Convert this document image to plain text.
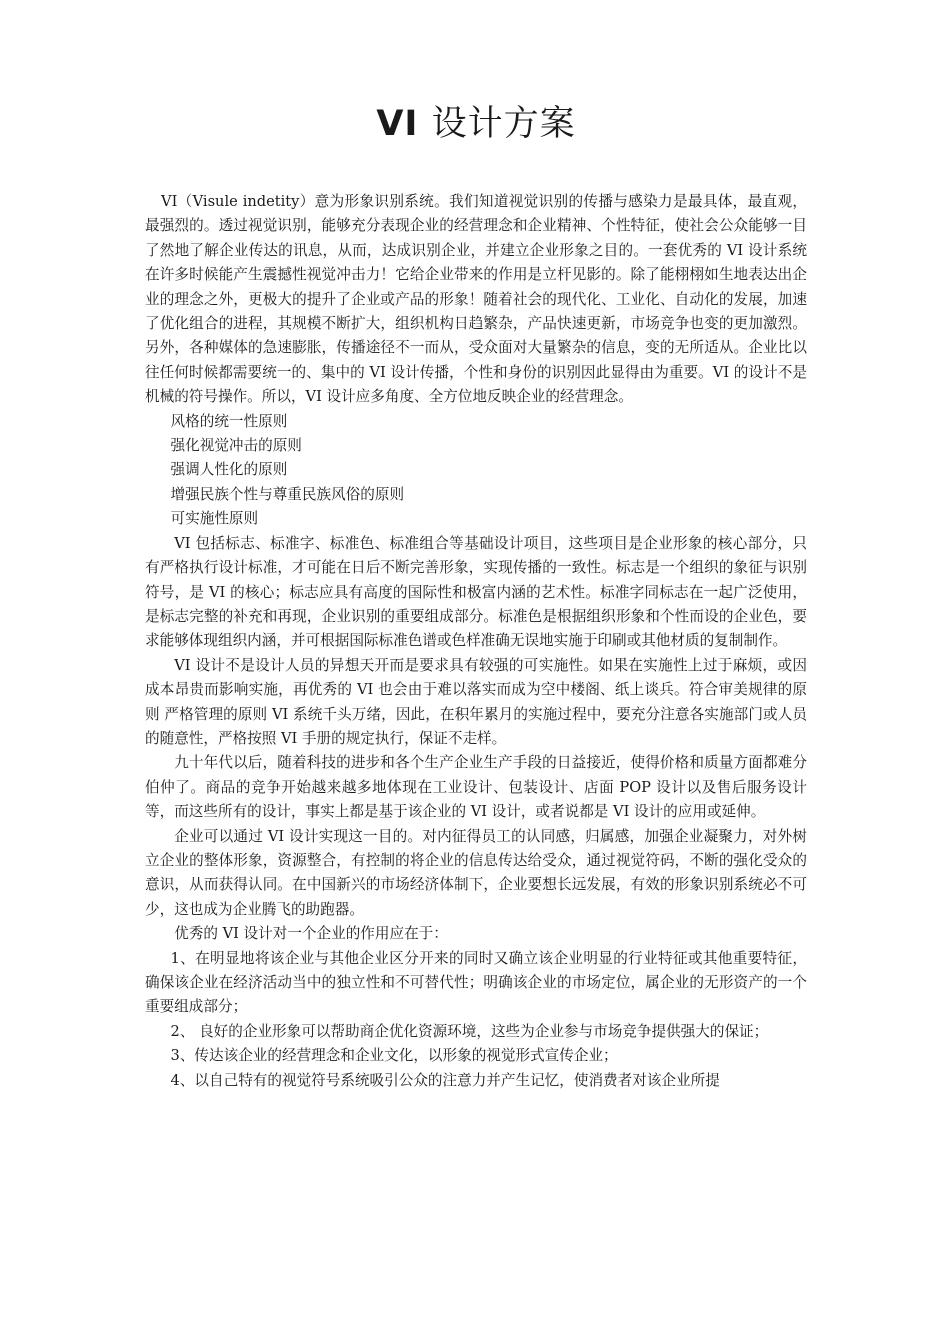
VI 设计方案

VI（Visule indetity）意为形象识别系统。我们知道视觉识别的传播与感染力是最具体，最直观，最强烈的。透过视觉识别，能够充分表现企业的经营理念和企业精神、个性特征，使社会公众能够一目了然地了解企业传达的讯息，从而，达成识别企业，并建立企业形象之目的。一套优秀的 VI 设计系统在许多时候能产生震撼性视觉冲击力！它给企业带来的作用是立杆见影的。除了能栩栩如生地表达出企业的理念之外，更极大的提升了企业或产品的形象！随着社会的现代化、工业化、自动化的发展，加速了优化组合的进程，其规模不断扩大，组织机构日趋繁杂，产品快速更新，市场竞争也变的更加激烈。另外，各种媒体的急速膨胀，传播途径不一而从，受众面对大量繁杂的信息，变的无所适从。企业比以往任何时候都需要统一的、集中的 VI 设计传播，个性和身份的识别因此显得由为重要。VI 的设计不是机械的符号操作。所以，VI 设计应多角度、全方位地反映企业的经营理念。

风格的统一性原则

强化视觉冲击的原则

强调人性化的原则

增强民族个性与尊重民族风俗的原则

可实施性原则

VI 包括标志、标准字、标准色、标准组合等基础设计项目，这些项目是企业形象的核心部分，只有严格执行设计标准，才可能在日后不断完善形象，实现传播的一致性。标志是一个组织的象征与识别符号，是 VI 的核心；标志应具有高度的国际性和极富内涵的艺术性。标准字同标志在一起广泛使用，是标志完整的补充和再现，企业识别的重要组成部分。标准色是根据组织形象和个性而设的企业色，要求能够体现组织内涵，并可根据国际标准色谱或色样准确无误地实施于印刷或其他材质的复制制作。

VI 设计不是设计人员的异想天开而是要求具有较强的可实施性。如果在实施性上过于麻烦，或因成本昂贵而影响实施，再优秀的 VI 也会由于难以落实而成为空中楼阁、纸上谈兵。符合审美规律的原则 严格管理的原则 VI 系统千头万绪，因此，在积年累月的实施过程中，要充分注意各实施部门或人员的随意性，严格按照 VI 手册的规定执行，保证不走样。

九十年代以后，随着科技的进步和各个生产企业生产手段的日益接近，使得价格和质量方面都难分伯仲了。商品的竞争开始越来越多地体现在工业设计、包装设计、店面 POP 设计以及售后服务设计等，而这些所有的设计，事实上都是基于该企业的 VI 设计，或者说都是 VI 设计的应用或延伸。

企业可以通过 VI 设计实现这一目的。对内征得员工的认同感，归属感，加强企业凝聚力，对外树立企业的整体形象，资源整合，有控制的将企业的信息传达给受众，通过视觉符码，不断的强化受众的意识，从而获得认同。在中国新兴的市场经济体制下，企业要想长远发展，有效的形象识别系统必不可少，这也成为企业腾飞的助跑器。

优秀的 VI 设计对一个企业的作用应在于：

1、在明显地将该企业与其他企业区分开来的同时又确立该企业明显的行业特征或其他重要特征，确保该企业在经济活动当中的独立性和不可替代性；明确该企业的市场定位，属企业的无形资产的一个重要组成部分；

2、 良好的企业形象可以帮助商企优化资源环境，这些为企业参与市场竞争提供强大的保证；

3、传达该企业的经营理念和企业文化，以形象的视觉形式宣传企业；

4、以自己特有的视觉符号系统吸引公众的注意力并产生记忆，使消费者对该企业所提
